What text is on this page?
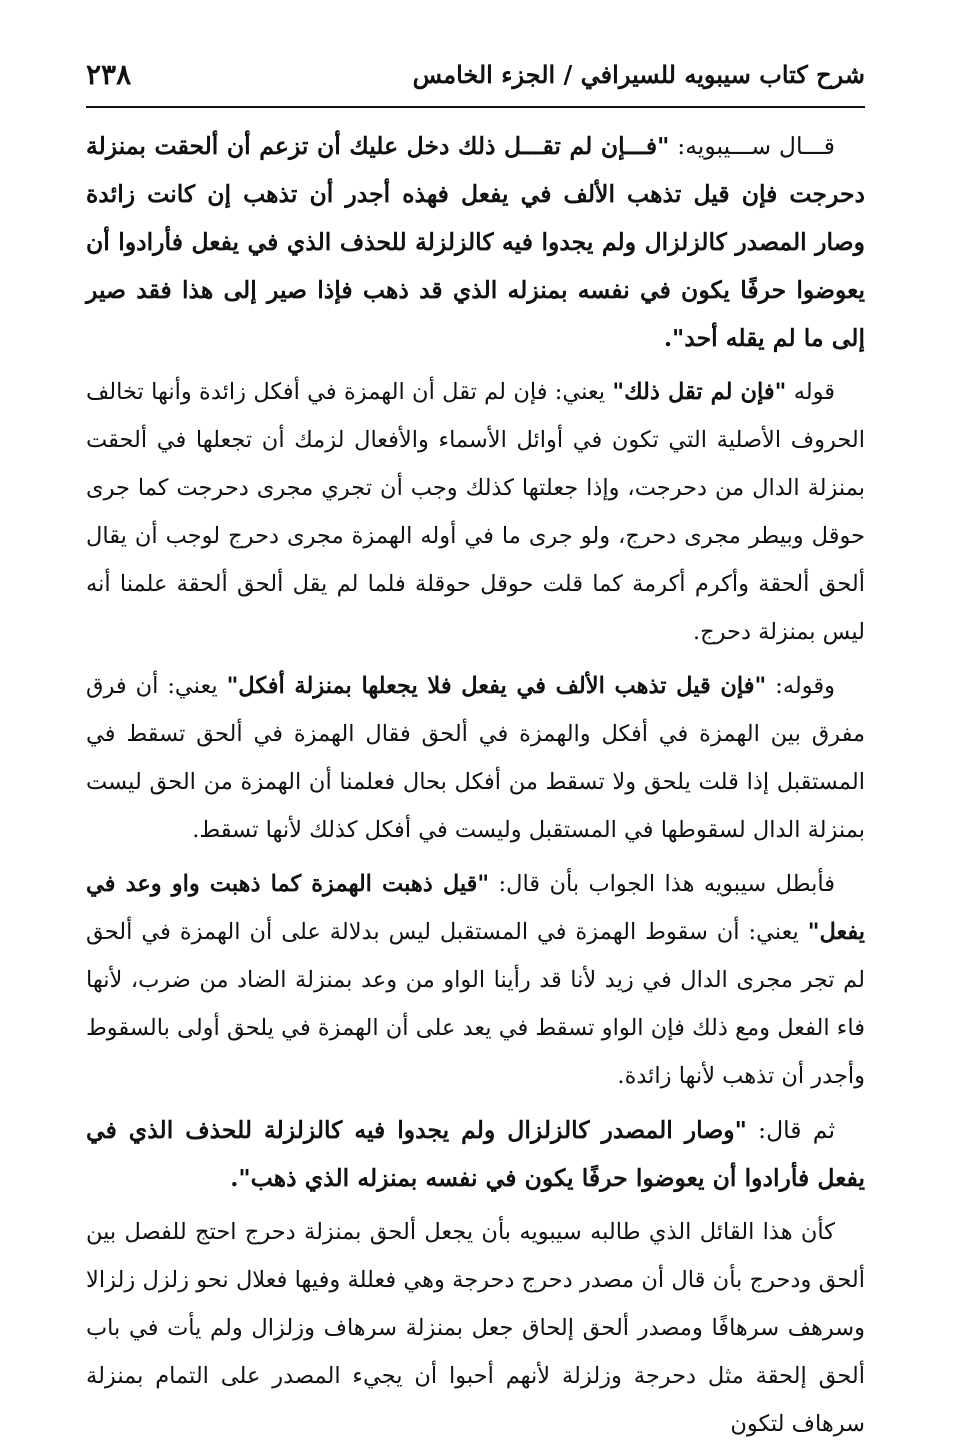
شرح كتاب سيبويه للسيرافي / الجزء الخامس
٢٣٨

قـــال ســـيبويه: "فـــإن لم تقـــل ذلك دخل عليك أن تزعم أن ألحقت بمنزلة دحرجت فإن قيل تذهب الألف في يفعل فهذه أجدر أن تذهب إن كانت زائدة وصار المصدر كالزلزال ولم يجدوا فيه كالزلزلة للحذف الذي في يفعل فأرادوا أن يعوضوا حرفًا يكون في نفسه بمنزله الذي قد ذهب فإذا صير إلى هذا فقد صير إلى ما لم يقله أحد".

قوله "فإن لم تقل ذلك" يعني: فإن لم تقل أن الهمزة في أفكل زائدة وأنها تخالف الحروف الأصلية التي تكون في أوائل الأسماء والأفعال لزمك أن تجعلها في ألحقت بمنزلة الدال من دحرجت، وإذا جعلتها كذلك وجب أن تجري مجرى دحرجت كما جرى حوقل وبيطر مجرى دحرج، ولو جرى ما في أوله الهمزة مجرى دحرج لوجب أن يقال ألحق ألحقة وأكرم أكرمة كما قلت حوقل حوقلة فلما لم يقل ألحق ألحقة علمنا أنه ليس بمنزلة دحرج.

وقوله: "فإن قيل تذهب الألف في يفعل فلا يجعلها بمنزلة أفكل" يعني: أن فرق مفرق بين الهمزة في أفكل والهمزة في ألحق فقال الهمزة في ألحق تسقط في المستقبل إذا قلت يلحق ولا تسقط من أفكل بحال فعلمنا أن الهمزة من الحق ليست بمنزلة الدال لسقوطها في المستقبل وليست في أفكل كذلك لأنها تسقط.

فأبطل سيبويه هذا الجواب بأن قال: "قيل ذهبت الهمزة كما ذهبت واو وعد في يفعل" يعني: أن سقوط الهمزة في المستقبل ليس بدلالة على أن الهمزة في ألحق لم تجر مجرى الدال في زيد لأنا قد رأينا الواو من وعد بمنزلة الضاد من ضرب، لأنها فاء الفعل ومع ذلك فإن الواو تسقط في يعد على أن الهمزة في يلحق أولى بالسقوط وأجدر أن تذهب لأنها زائدة.

ثم قال: "وصار المصدر كالزلزال ولم يجدوا فيه كالزلزلة للحذف الذي في يفعل فأرادوا أن يعوضوا حرفًا يكون في نفسه بمنزله الذي ذهب".

كأن هذا القائل الذي طالبه سيبويه بأن يجعل ألحق بمنزلة دحرج احتج للفصل بين ألحق ودحرج بأن قال أن مصدر دحرج دحرجة وهي فعللة وفيها فعلال نحو زلزل زلزالا وسرهف سرهافًا ومصدر ألحق إلحاق جعل بمنزلة سرهاف وزلزال ولم يأت في باب ألحق إلحقة مثل دحرجة وزلزلة لأنهم أحبوا أن يجيء المصدر على التمام بمنزلة سرهاف لتكون
